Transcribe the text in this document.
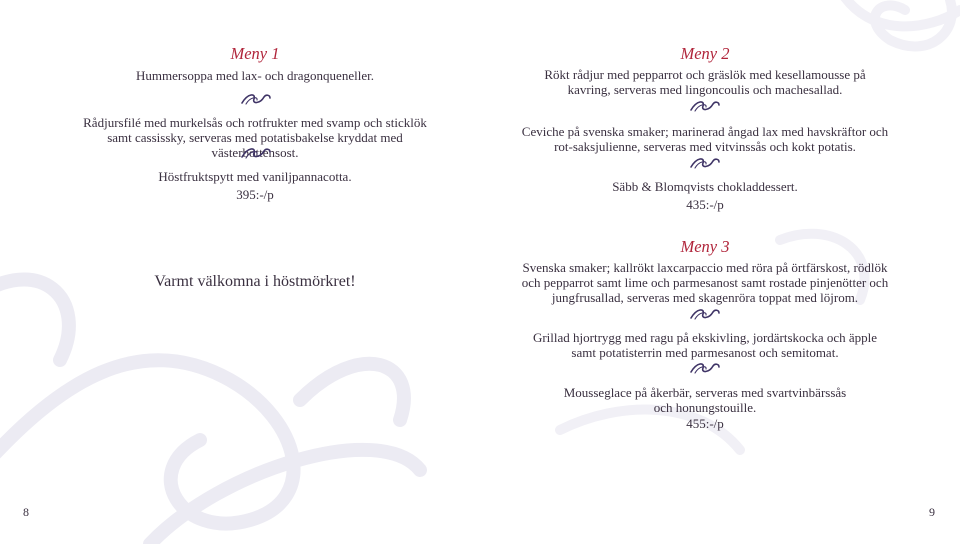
Meny 1
Hummersoppa med lax- och dragonqueneller.
Rådjursfilé med murkelsås och rotfrukter med svamp och sticklök samt cassissky, serveras med potatisbakelse kryddat med västerbottensost.
Höstfruktspytt med vaniljpannacotta.
395:-/p
Varmt välkomna i höstmörkret!
8
Meny 2
Rökt rådjur med pepparrot och gräslök med kesellamousse på kavring, serveras med lingoncoulis och machesallad.
Ceviche på svenska smaker; marinerad ångad lax med havskräftor och rot-saksjulienne, serveras med vitvinssås och kokt potatis.
Säbb & Blomqvists chokladdessert.
435:-/p
Meny 3
Svenska smaker; kallrökt laxcarpaccio med röra på örtfärskost, rödlök och pepparrot samt lime och parmesanost samt rostade pinjenötter och jungfrusallad, serveras med skagenröra toppat med löjrom.
Grillad hjortrygg med ragu på ekskivling, jordärtskocka och äpple samt potatisterrin med parmesanost och semitomat.
Mousseglace på åkerbär, serveras med svartvinbärssås och honungstouille.
455:-/p
9
